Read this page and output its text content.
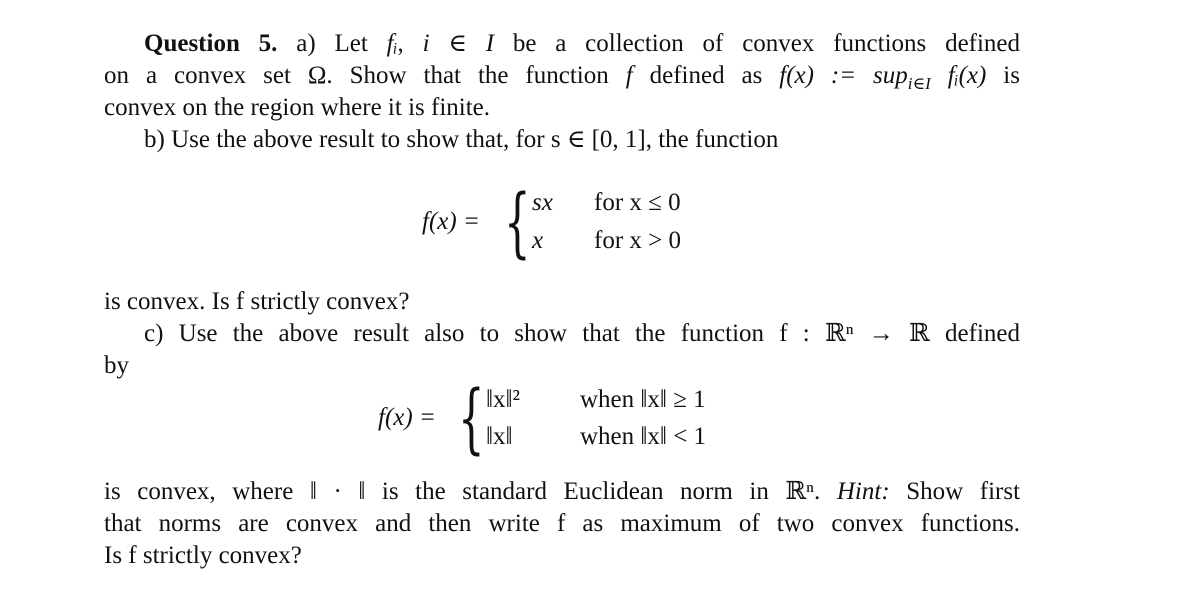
Question 5. a) Let fᵢ, i ∈ I be a collection of convex functions defined
on a convex set Ω. Show that the function f defined as f(x) := sup$_{i\in I}$ fᵢ(x) is
convex on the region where it is finite.
b) Use the above result to show that, for s ∈ [0, 1], the function
f(x) = { sx for x ≤ 0
x for x > 0
is convex. Is f strictly convex?
c) Use the above result also to show that the function f : ℝⁿ → ℝ defined
by
f(x) = { ‖x‖² when ‖x‖ ≥ 1
‖x‖	when ‖x‖ < 1
is convex, where ‖ · ‖ is the standard Euclidean norm in ℝⁿ. Hint: Show first
that norms are convex and then write f as maximum of two convex functions.
Is f strictly convex?
